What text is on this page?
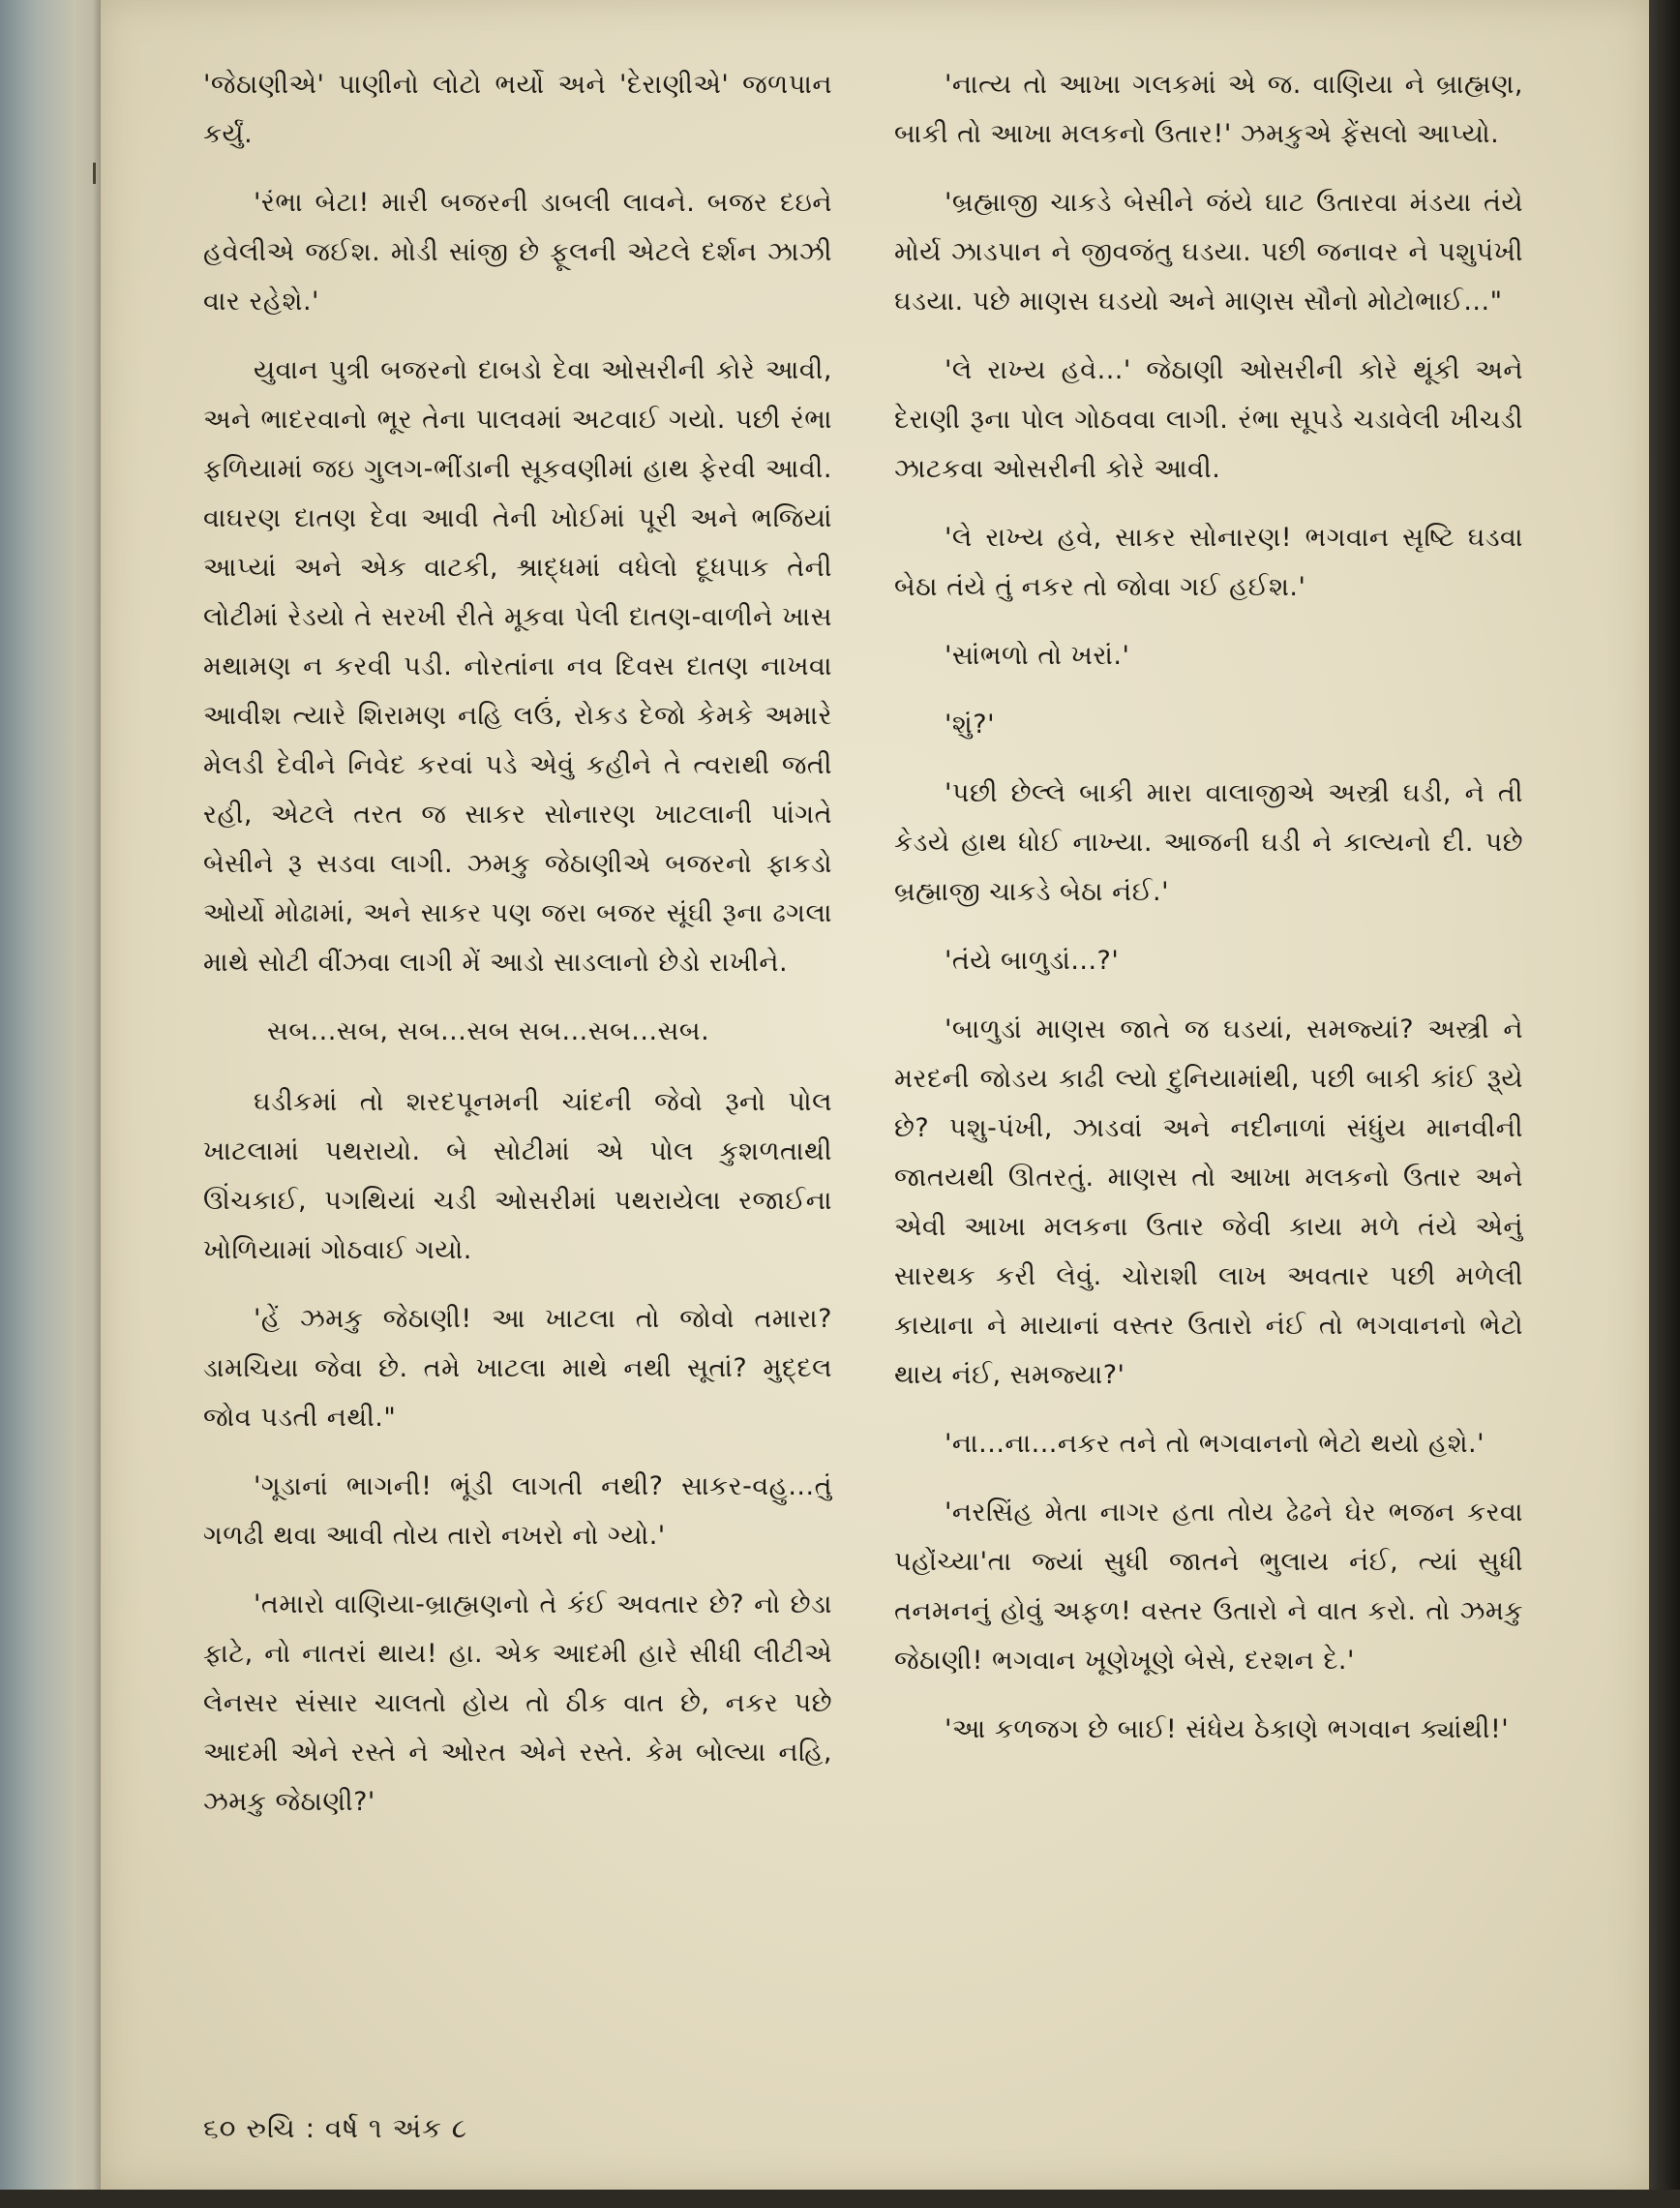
'જેઠાણીએ' પાણીનો લોટો ભર્યો અને 'દેરાણીએ' જળપાન કર્યું.

'રંભા બેટા! મારી બજરની ડાબલી લાવને. બજર દઇને હવેલીએ જઈશ. મોડી સાંજી છે ફૂલની એટલે દર્શન ઝાઝી વાર રહેશે.'

યુવાન પુત્રી બજરનો દાબડો દેવા ઓસરીની કોરે આવી, અને ભાદરવાનો ભૂર તેના પાલવમાં અટવાઈ ગયો. પછી રંભા ફળિયામાં જઇ ગુલગ-ભીંડાની સૂકવણીમાં હાથ ફેરવી આવી. વાઘરણ દાતણ દેવા આવી તેની ખોઈમાં પૂરી અને ભજિયાં આપ્યાં અને એક વાટકી, શ્રાદ્ધમાં વધેલો દૂધપાક તેની લોટીમાં રેડયો તે સરખી રીતે મૂકવા પેલી દાતણ-વાળીને ખાસ મથામણ ન કરવી પડી. નોરતાંના નવ દિવસ દાતણ નાખવા આવીશ ત્યારે શિરામણ નહિ લઉં, રોકડ દેજો કેમકે અમારે મેલડી દેવીને નિવેદ કરવાં પડે એવું કહીને તે ત્વરાથી જતી રહી, એટલે તરત જ સાકર સોનારણ ખાટલાની પાંગતે બેસીને રૂ સડવા લાગી. ઝમકુ જેઠાણીએ બજરનો ફાકડો ઓર્યો મોઢામાં, અને સાકર પણ જરા બજર સૂંઘી રૂના ઢગલા માથે સોટી વીંઝવા લાગી મેં આડો સાડલાનો છેડો રાખીને.

સબ...સબ, સબ...સબ સબ...સબ...સબ.

ઘડીકમાં તો શરદપૂનમની ચાંદની જેવો રૂનો પોલ ખાટલામાં પથરાયો. બે સોટીમાં એ પોલ કુશળતાથી ઊંચકાઈ, પગથિયાં ચડી ઓસરીમાં પથરાયેલા રજાઈના ખોળિયામાં ગોઠવાઈ ગયો.

'હેં ઝમકુ જેઠાણી! આ ખાટલા તો જોવો તમારા? ડામચિયા જેવા છે. તમે ખાટલા માથે નથી સૂતાં? મુદ્દલ જોવ પડતી નથી."

'ગૂડાનાં ભાગની! ભૂંડી લાગતી નથી? સાકર-વહુ...તું ગળઢી થવા આવી તોય તારો નખરો નો ગ્યો.'

'તમારો વાણિયા-બ્રાહ્મણનો તે કંઈ અવતાર છે? નો છેડા ફાટે, નો નાતરાં થાય! હા. એક આદમી હારે સીધી લીટીએ લેનસર સંસાર ચાલતો હોય તો ઠીક વાત છે, નકર પછે આદમી એને રસ્તે ને ઓરત એને રસ્તે. કેમ બોલ્યા નહિ, ઝમકુ જેઠાણી?'

'નાત્ય તો આખા ગલકમાં એ જ. વાણિયા ને બ્રાહ્મણ, બાકી તો આખા મલકનો ઉતાર!' ઝમકુએ ફેંસલો આપ્યો.

'બ્રહ્માજી ચાકડે બેસીને જંયે ઘાટ ઉતારવા મંડયા તંયે મોર્ય ઝાડપાન ને જીવજંતુ ઘડયા. પછી જનાવર ને પશુપંખી ઘડયા. પછે માણસ ઘડયો અને માણસ સૌનો મોટોભાઈ..."

'લે રાખ્ય હવે...' જેઠાણી ઓસરીની કોરે થૂંકી અને દેરાણી રૂના પોલ ગોઠવવા લાગી. રંભા સૂપડે ચડાવેલી ખીચડી ઝાટકવા ઓસરીની કોરે આવી.

'લે રાખ્ય હવે, સાકર સોનારણ! ભગવાન સૃષ્ટિ ઘડવા બેઠા તંયે તું નકર તો જોવા ગઈ હઈશ.'

'સાંભળો તો ખરાં.'

'શું?'

'પછી છેલ્લે બાકી મારા વાલાજીએ અસ્ત્રી ઘડી, ને તી કેડયે હાથ ધોઈ નાખ્યા. આજની ઘડી ને કાલ્યનો દી. પછે બ્રહ્માજી ચાકડે બેઠા નંઈ.'

'તંયે બાળુડાં...?'

'બાળુડાં માણસ જાતે જ ઘડયાં, સમજ્યાં? અસ્ત્રી ને મરદની જોડય કાઢી લ્યો દુનિયામાંથી, પછી બાકી કાંઈ રૂ્યે છે? પશુ-પંખી, ઝાડવાં અને નદીનાળાં સંધુંય માનવીની જાતયથી ઊતરતું. માણસ તો આખા મલકનો ઉતાર અને એવી આખા મલકના ઉતાર જેવી કાયા મળે તંયે એનું સારથક કરી લેવું. ચોરાશી લાખ અવતાર પછી મળેલી કાયાના ને માયાનાં વસ્તર ઉતારો નંઈ તો ભગવાનનો ભેટો થાય નંઈ, સમજ્યા?'

'ના...ના...નકર તને તો ભગવાનનો ભેટો થયો હશે.'

'નરસિંહ મેતા નાગર હતા તોય ઢેઢને ઘેર ભજન કરવા પહોંચ્યા'તા જ્યાં સુધી જાતને ભુલાય નંઈ, ત્યાં સુધી તનમનનું હોવું અફળ! વસ્તર ઉતારો ને વાત કરો. તો ઝમકુ જેઠાણી! ભગવાન ખૂણેખૂણે બેસે, દરશન દે.'

'આ કળજગ છે બાઈ! સંધેય ઠેકાણે ભગવાન ક્યાંથી!'

૬૦ રુચિ : વર્ષ ૧ અંક ૮
